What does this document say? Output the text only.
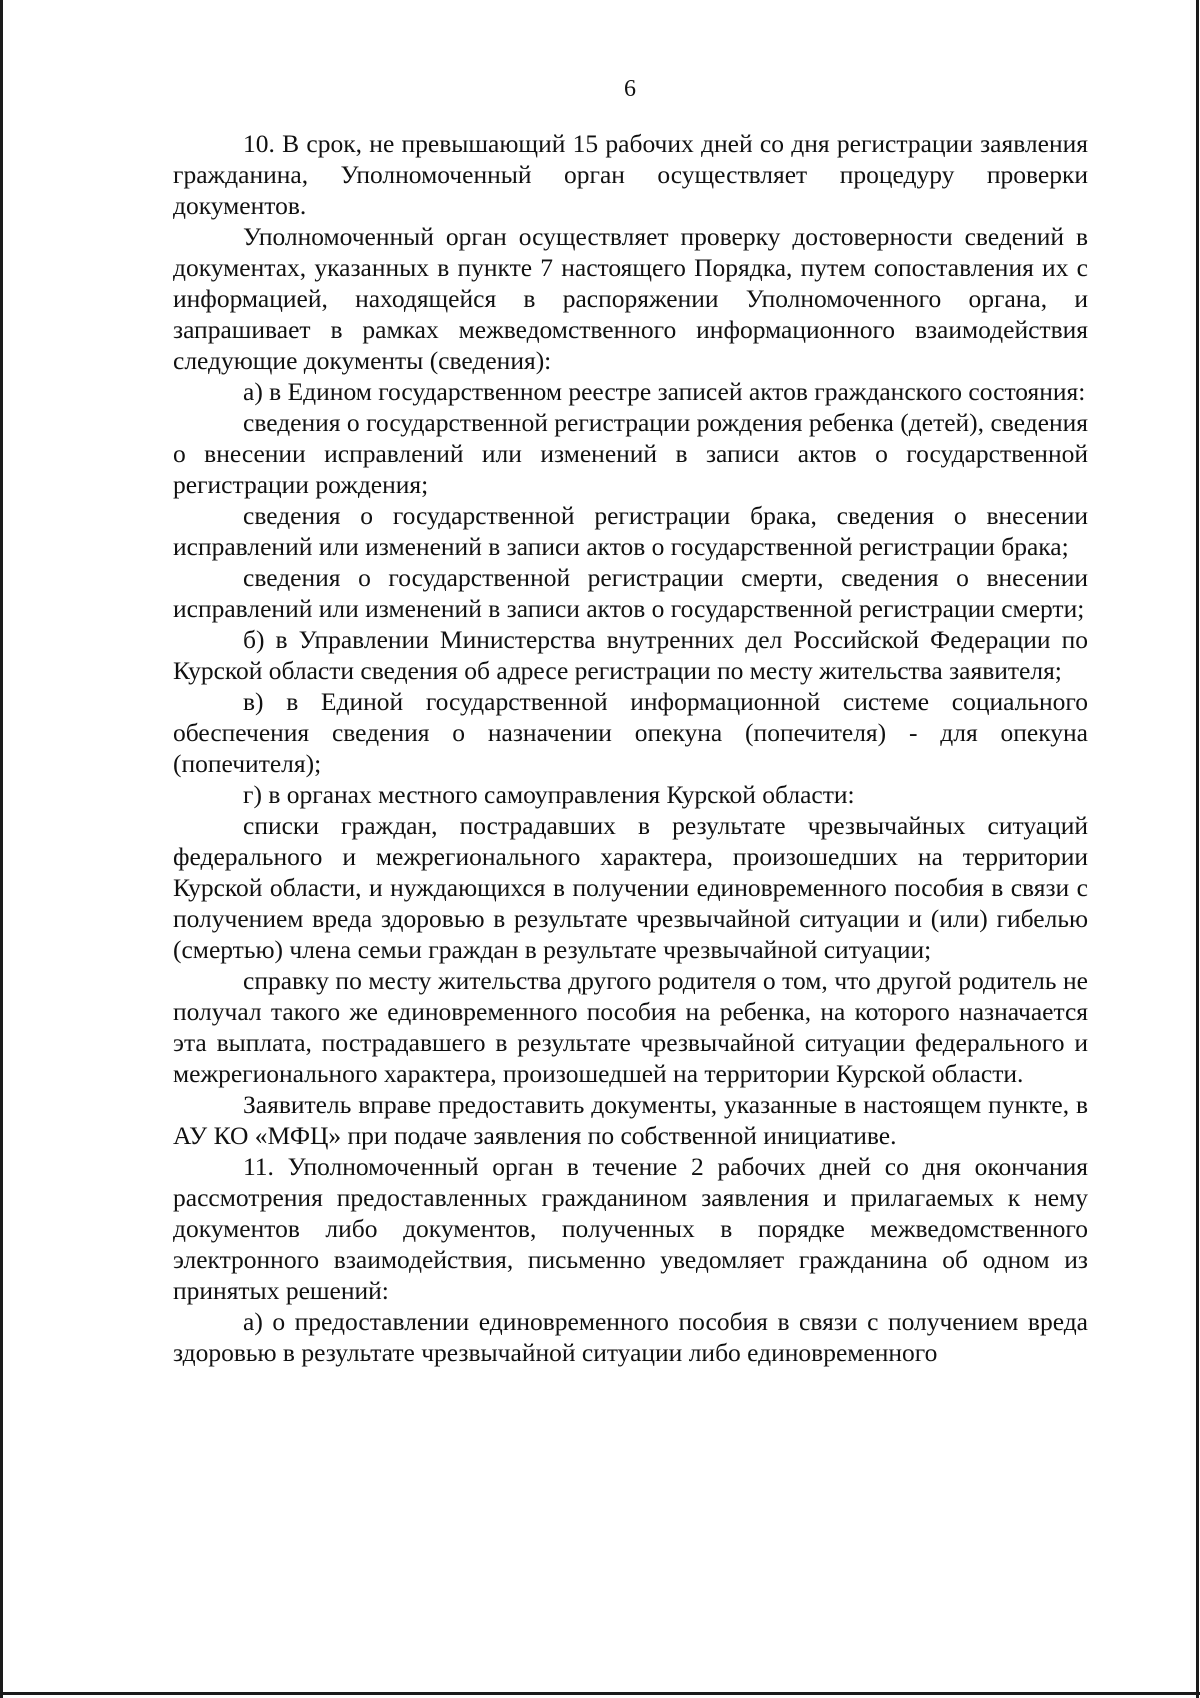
6

10. В срок, не превышающий 15 рабочих дней со дня регистрации заявления гражданина, Уполномоченный орган осуществляет процедуру проверки документов.

Уполномоченный орган осуществляет проверку достоверности сведений в документах, указанных в пункте 7 настоящего Порядка, путем сопоставления их с информацией, находящейся в распоряжении Уполномоченного органа, и запрашивает в рамках межведомственного информационного взаимодействия следующие документы (сведения):

а) в Едином государственном реестре записей актов гражданского состояния:

сведения о государственной регистрации рождения ребенка (детей), сведения о внесении исправлений или изменений в записи актов о государственной регистрации рождения;

сведения о государственной регистрации брака, сведения о внесении исправлений или изменений в записи актов о государственной регистрации брака;

сведения о государственной регистрации смерти, сведения о внесении исправлений или изменений в записи актов о государственной регистрации смерти;

б) в Управлении Министерства внутренних дел Российской Федерации по Курской области сведения об адресе регистрации по месту жительства заявителя;

в) в Единой государственной информационной системе социального обеспечения сведения о назначении опекуна (попечителя) - для опекуна (попечителя);

г) в органах местного самоуправления Курской области:

списки граждан, пострадавших в результате чрезвычайных ситуаций федерального и межрегионального характера, произошедших на территории Курской области, и нуждающихся в получении единовременного пособия в связи с получением вреда здоровью в результате чрезвычайной ситуации и (или) гибелью (смертью) члена семьи граждан в результате чрезвычайной ситуации;

справку по месту жительства другого родителя о том, что другой родитель не получал такого же единовременного пособия на ребенка, на которого назначается эта выплата, пострадавшего в результате чрезвычайной ситуации федерального и межрегионального характера, произошедшей на территории Курской области.

Заявитель вправе предоставить документы, указанные в настоящем пункте, в АУ КО «МФЦ» при подаче заявления по собственной инициативе.

11. Уполномоченный орган в течение 2 рабочих дней со дня окончания рассмотрения предоставленных гражданином заявления и прилагаемых к нему документов либо документов, полученных в порядке межведомственного электронного взаимодействия, письменно уведомляет гражданина об одном из принятых решений:

а) о предоставлении единовременного пособия в связи с получением вреда здоровью в результате чрезвычайной ситуации либо единовременного
